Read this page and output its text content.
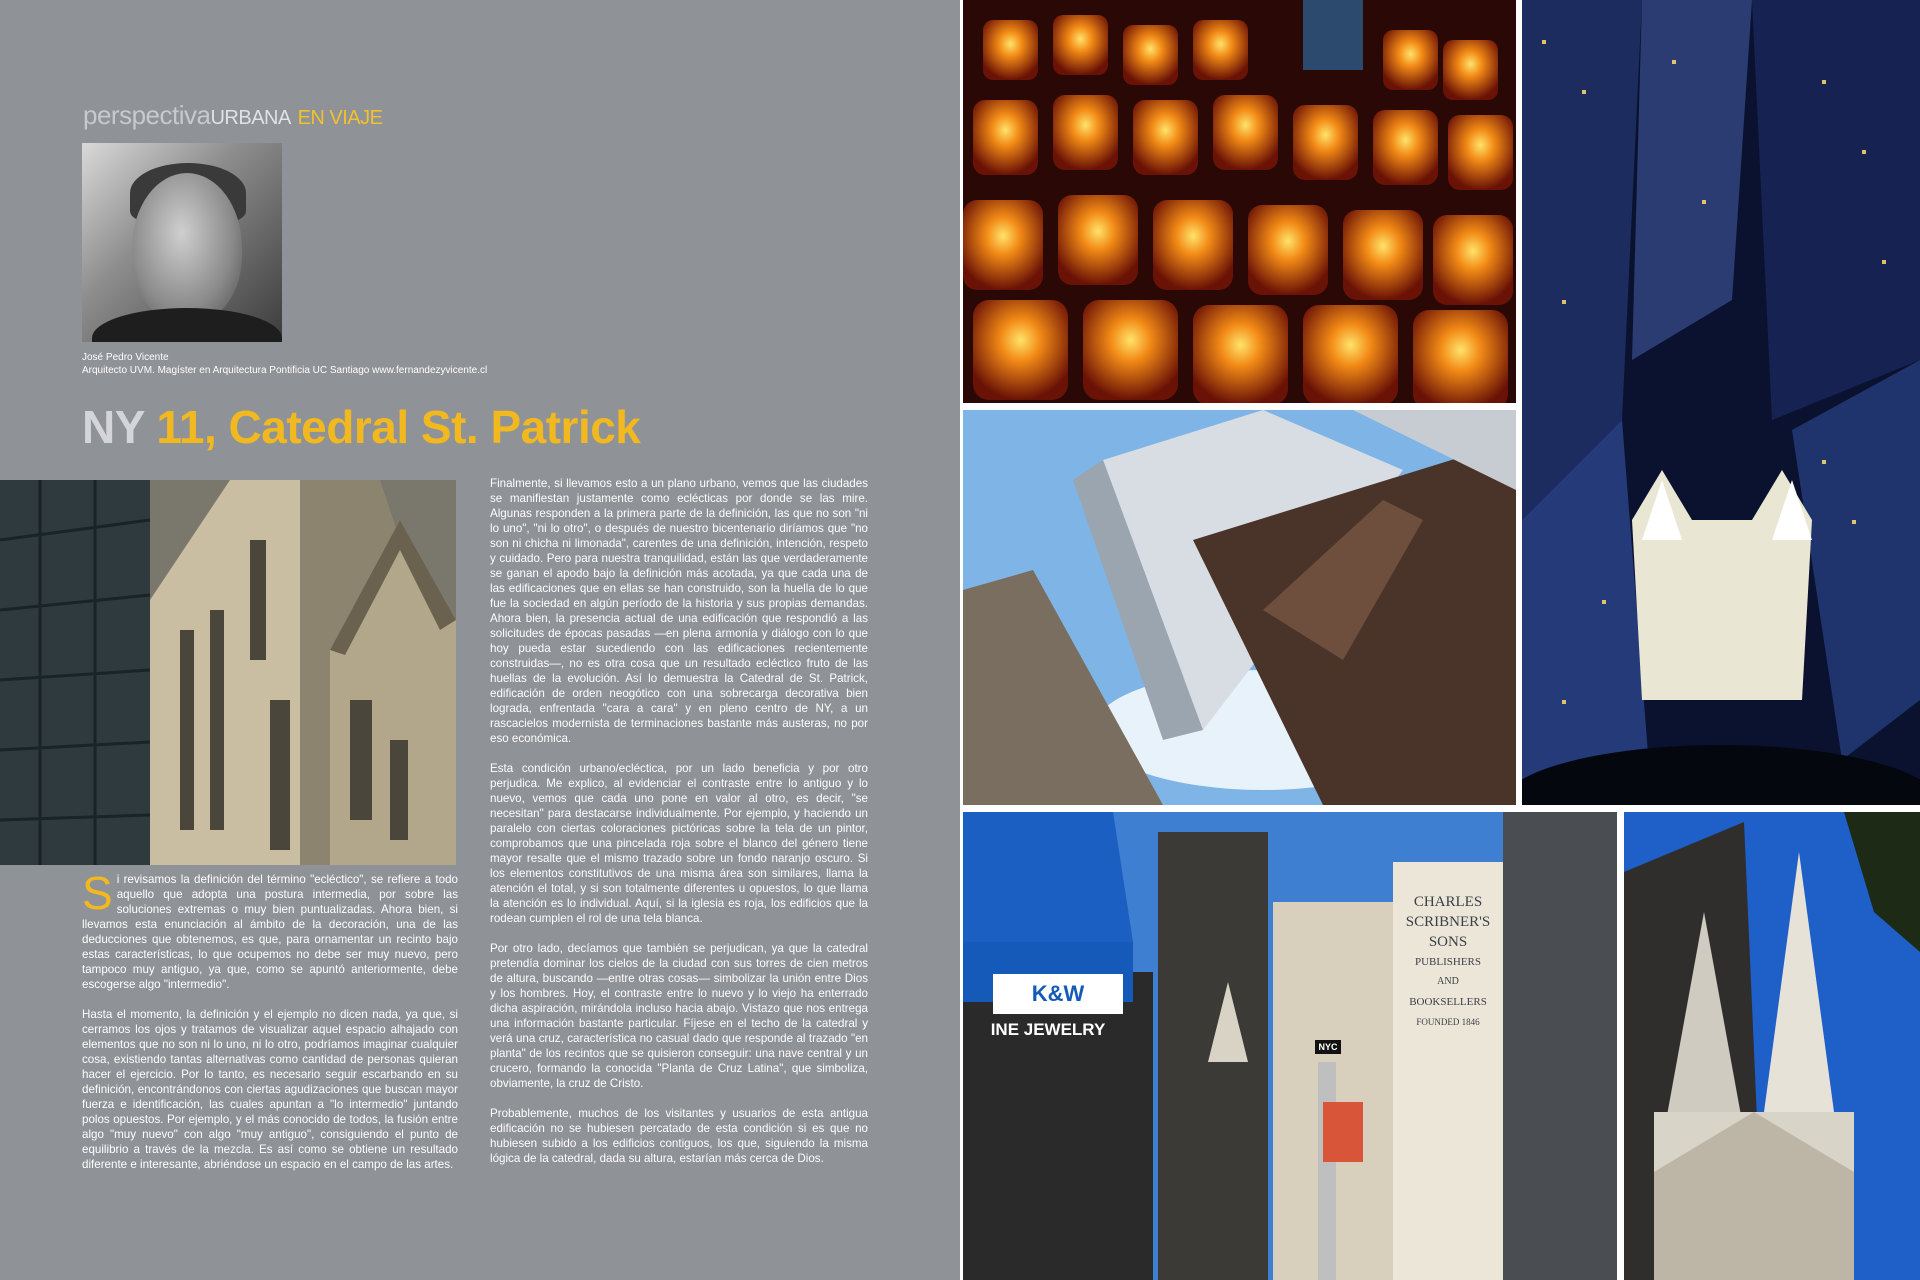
perspectivaURBANA EN VIAJE
José Pedro Vicente
Arquitecto UVM. Magíster en Arquitectura Pontificia UC Santiago www.fernandezyvicente.cl
NY 11, Catedral St. Patrick

Si revisamos la definición del término "ecléctico", se refiere a todo aquello que adopta una postura intermedia, por sobre las soluciones extremas o muy bien puntualizadas. Ahora bien, si llevamos esta enunciación al ámbito de la decoración, una de las deducciones que obtenemos, es que, para ornamentar un recinto bajo estas características, lo que ocupemos no debe ser muy nuevo, pero tampoco muy antiguo, ya que, como se apuntó anteriormente, debe escogerse algo "intermedio".

Hasta el momento, la definición y el ejemplo no dicen nada, ya que, si cerramos los ojos y tratamos de visualizar aquel espacio alhajado con elementos que no son ni lo uno, ni lo otro, podríamos imaginar cualquier cosa, existiendo tantas alternativas como cantidad de personas quieran hacer el ejercicio. Por lo tanto, es necesario seguir escarbando en su definición, encontrándonos con ciertas agudizaciones que buscan mayor fuerza e identificación, las cuales apuntan a "lo intermedio" juntando polos opuestos. Por ejemplo, y el más conocido de todos, la fusión entre algo "muy nuevo" con algo "muy antiguo", consiguiendo el punto de equilibrio a través de la mezcla. Es así como se obtiene un resultado diferente e interesante, abriéndose un espacio en el campo de las artes.

Finalmente, si llevamos esto a un plano urbano, vemos que las ciudades se manifiestan justamente como eclécticas por donde se las mire. Algunas responden a la primera parte de la definición, las que no son "ni lo uno", "ni lo otro", o después de nuestro bicentenario diríamos que "no son ni chicha ni limonada", carentes de una definición, intención, respeto y cuidado. Pero para nuestra tranquilidad, están las que verdaderamente se ganan el apodo bajo la definición más acotada, ya que cada una de las edificaciones que en ellas se han construido, son la huella de lo que fue la sociedad en algún período de la historia y sus propias demandas. Ahora bien, la presencia actual de una edificación que respondió a las solicitudes de épocas pasadas —en plena armonía y diálogo con lo que hoy pueda estar sucediendo con las edificaciones recientemente construidas—, no es otra cosa que un resultado ecléctico fruto de las huellas de la evolución. Así lo demuestra la Catedral de St. Patrick, edificación de orden neogótico con una sobrecarga decorativa bien lograda, enfrentada "cara a cara" y en pleno centro de NY, a un rascacielos modernista de terminaciones bastante más austeras, no por eso económica.

Esta condición urbano/ecléctica, por un lado beneficia y por otro perjudica. Me explico, al evidenciar el contraste entre lo antiguo y lo nuevo, vemos que cada uno pone en valor al otro, es decir, "se necesitan" para destacarse individualmente. Por ejemplo, y haciendo un paralelo con ciertas coloraciones pictóricas sobre la tela de un pintor, comprobamos que una pincelada roja sobre el blanco del género tiene mayor resalte que el mismo trazado sobre un fondo naranjo oscuro. Si los elementos constitutivos de una misma área son similares, llama la atención el total, y si son totalmente diferentes u opuestos, lo que llama la atención es lo individual. Aquí, si la iglesia es roja, los edificios que la rodean cumplen el rol de una tela blanca.

Por otro lado, decíamos que también se perjudican, ya que la catedral pretendía dominar los cielos de la ciudad con sus torres de cien metros de altura, buscando —entre otras cosas— simbolizar la unión entre Dios y los hombres. Hoy, el contraste entre lo nuevo y lo viejo ha enterrado dicha aspiración, mirándola incluso hacia abajo. Vistazo que nos entrega una información bastante particular. Fíjese en el techo de la catedral y verá una cruz, característica no casual dado que responde al trazado "en planta" de los recintos que se quisieron conseguir: una nave central y un crucero, formando la conocida "Planta de Cruz Latina", que simboliza, obviamente, la cruz de Cristo.

Probablemente, muchos de los visitantes y usuarios de esta antigua edificación no se hubiesen percatado de esta condición si es que no hubiesen subido a los edificios contiguos, los que, siguiendo la misma lógica de la catedral, dada su altura, estarían más cerca de Dios.

K&W
INE JEWELRY
CHARLES
SCRIBNER'S
SONS
PUBLISHERS
AND
BOOKSELLERS
FOUNDED 1846
NYC
